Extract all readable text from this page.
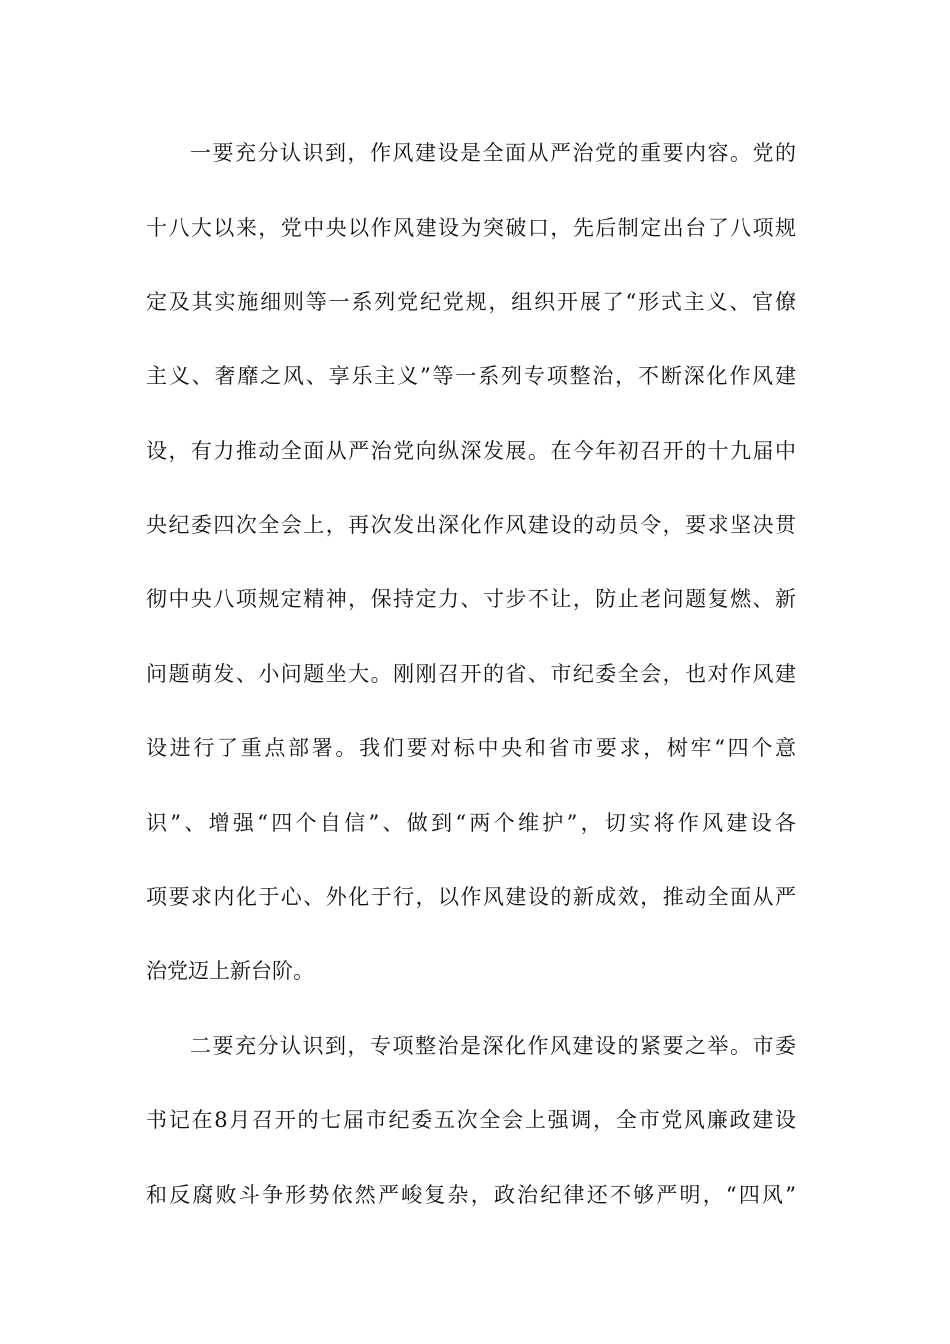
一要充分认识到，作风建设是全面从严治党的重要内容。党的
十八大以来，党中央以作风建设为突破口，先后制定出台了八项规
定及其实施细则等一系列党纪党规，组织开展了“形式主义、官僚
主义、奢靡之风、享乐主义”等一系列专项整治，不断深化作风建
设，有力推动全面从严治党向纵深发展。在今年初召开的十九届中
央纪委四次全会上，再次发出深化作风建设的动员令，要求坚决贯
彻中央八项规定精神，保持定力、寸步不让，防止老问题复燃、新
问题萌发、小问题坐大。刚刚召开的省、市纪委全会，也对作风建
设进行了重点部署。我们要对标中央和省市要求，树牢“四个意
识”、增强“四个自信”、做到“两个维护”，切实将作风建设各
项要求内化于心、外化于行，以作风建设的新成效，推动全面从严
治党迈上新台阶。
二要充分认识到，专项整治是深化作风建设的紧要之举。市委
书记在8月召开的七届市纪委五次全会上强调，全市党风廉政建设
和反腐败斗争形势依然严峻复杂，政治纪律还不够严明，“四风”
